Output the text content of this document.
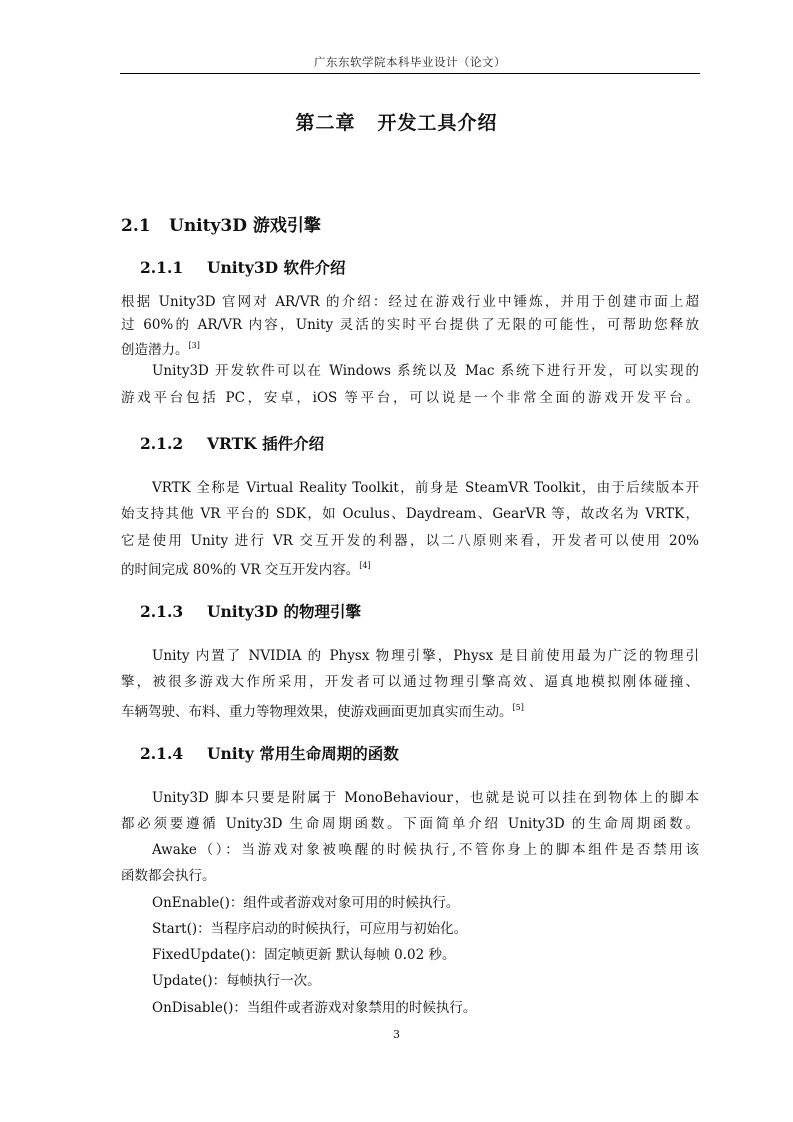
广东东软学院本科毕业设计（论文）
第二章 开发工具介绍
2.1 Unity3D 游戏引擎
2.1.1 Unity3D 软件介绍
根据 Unity3D 官网对 AR/VR 的介绍：经过在游戏行业中锤炼，并用于创建市面上超
过 60%的 AR/VR 内容，Unity 灵活的实时平台提供了无限的可能性，可帮助您释放
创造潜力。[3]
Unity3D 开发软件可以在 Windows 系统以及 Mac 系统下进行开发，可以实现的
游戏平台包括 PC，安卓，iOS 等平台，可以说是一个非常全面的游戏开发平台。
2.1.2 VRTK 插件介绍
VRTK 全称是 Virtual Reality Toolkit，前身是 SteamVR Toolkit，由于后续版本开
始支持其他 VR 平台的 SDK，如 Oculus、Daydream、GearVR 等，故改名为 VRTK，
它是使用 Unity 进行 VR 交互开发的利器，以二八原则来看，开发者可以使用 20%
的时间完成 80%的 VR 交互开发内容。[4]
2.1.3 Unity3D 的物理引擎
Unity 内置了 NVIDIA 的 Physx 物理引擎，Physx 是目前使用最为广泛的物理引
擎，被很多游戏大作所采用，开发者可以通过物理引擎高效、逼真地模拟刚体碰撞、
车辆驾驶、布料、重力等物理效果，使游戏画面更加真实而生动。[5]
2.1.4 Unity 常用生命周期的函数
Unity3D 脚本只要是附属于 MonoBehaviour，也就是说可以挂在到物体上的脚本
都必须要遵循 Unity3D 生命周期函数。下面简单介绍 Unity3D 的生命周期函数。
Awake（）：当游戏对象被唤醒的时候执行,不管你身上的脚本组件是否禁用该
函数都会执行。
OnEnable()：组件或者游戏对象可用的时候执行。
Start()：当程序启动的时候执行，可应用与初始化。
FixedUpdate()：固定帧更新 默认每帧 0.02 秒。
Update()：每帧执行一次。
OnDisable()：当组件或者游戏对象禁用的时候执行。
3
